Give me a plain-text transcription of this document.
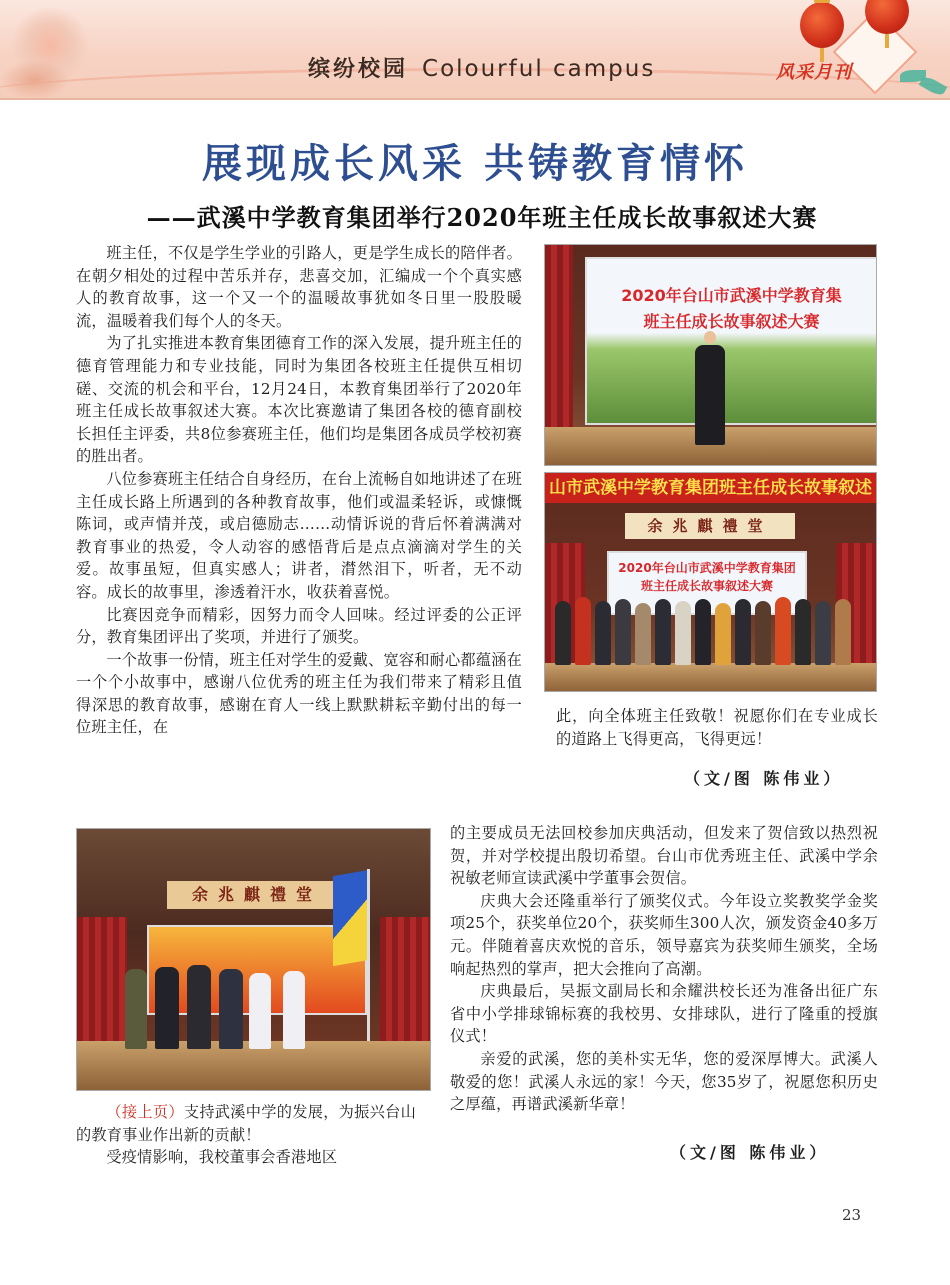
缤纷校园 Colourful campus	风采月刊
展现成长风采 共铸教育情怀
——武溪中学教育集团举行2020年班主任成长故事叙述大赛
班主任，不仅是学生学业的引路人，更是学生成长的陪伴者。在朝夕相处的过程中苦乐并存，悲喜交加，汇编成一个个真实感人的教育故事，这一个又一个的温暖故事犹如冬日里一股股暖流，温暖着我们每个人的冬天。
为了扎实推进本教育集团德育工作的深入发展，提升班主任的德育管理能力和专业技能，同时为集团各校班主任提供互相切磋、交流的机会和平台，12月24日，本教育集团举行了2020年班主任成长故事叙述大赛。本次比赛邀请了集团各校的德育副校长担任主评委，共8位参赛班主任，他们均是集团各成员学校初赛的胜出者。
八位参赛班主任结合自身经历，在台上流畅自如地讲述了在班主任成长路上所遇到的各种教育故事，他们或温柔轻诉，或慷慨陈词，或声情并茂，或启德励志……动情诉说的背后怀着满满对教育事业的热爱，令人动容的感悟背后是点点滴滴对学生的关爱。故事虽短，但真实感人；讲者，潸然泪下，听者，无不动容。成长的故事里，渗透着汗水，收获着喜悦。
比赛因竞争而精彩，因努力而令人回味。经过评委的公正评分，教育集团评出了奖项，并进行了颁奖。
一个故事一份情，班主任对学生的爱戴、宽容和耐心都蕴涵在一个个小故事中，感谢八位优秀的班主任为我们带来了精彩且值得深思的教育故事，感谢在育人一线上默默耕耘辛勤付出的每一位班主任，在
2020年台山市武溪中学教育集
班主任成长故事叙述大赛
山市武溪中学教育集团班主任成长故事叙述
余兆麒禮堂
2020年台山市武溪中学教育集团
班主任成长故事叙述大赛
此，向全体班主任致敬！祝愿你们在专业成长的道路上飞得更高，飞得更远！
（文/图 陈伟业）
余兆麒禮堂
（接上页）支持武溪中学的发展，为振兴台山的教育事业作出新的贡献！
受疫情影响，我校董事会香港地区
的主要成员无法回校参加庆典活动，但发来了贺信致以热烈祝贺，并对学校提出殷切希望。台山市优秀班主任、武溪中学余祝敏老师宣读武溪中学董事会贺信。
庆典大会还隆重举行了颁奖仪式。今年设立奖教奖学金奖项25个，获奖单位20个，获奖师生300人次，颁发资金40多万元。伴随着喜庆欢悦的音乐，领导嘉宾为获奖师生颁奖，全场响起热烈的掌声，把大会推向了高潮。
庆典最后，吴振文副局长和余耀洪校长还为准备出征广东省中小学排球锦标赛的我校男、女排球队，进行了隆重的授旗仪式！
亲爱的武溪，您的美朴实无华，您的爱深厚博大。武溪人敬爱的您！武溪人永远的家！今天，您35岁了，祝愿您积历史之厚蕴，再谱武溪新华章！
（文/图 陈伟业）
23
